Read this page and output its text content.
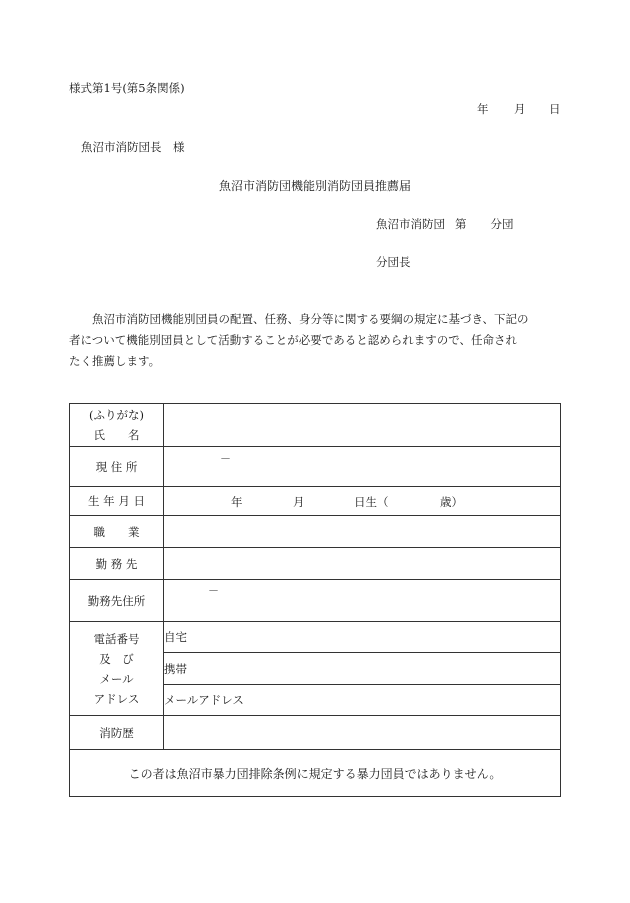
様式第1号(第5条関係)
年 月 日
魚沼市消防団長　様
魚沼市消防団機能別消防団員推薦届
魚沼市消防団 第 分団
分団長
魚沼市消防団機能別団員の配置、任務、身分等に関する要綱の規定に基づき、下記の
者について機能別団員として活動することが必要であると認められますので、任命され
たく推薦します。
(ふりがな)
氏　　名	

現 住 所	－

生 年 月 日	年 月 日生（ 歳）

職　　業	
勤 務 先	
勤務先住所	－

電話番号
及　び
メール
アドレス	自宅
	携帯
	メールアドレス
消防歴	
この者は魚沼市暴力団排除条例に規定する暴力団員ではありません。	
